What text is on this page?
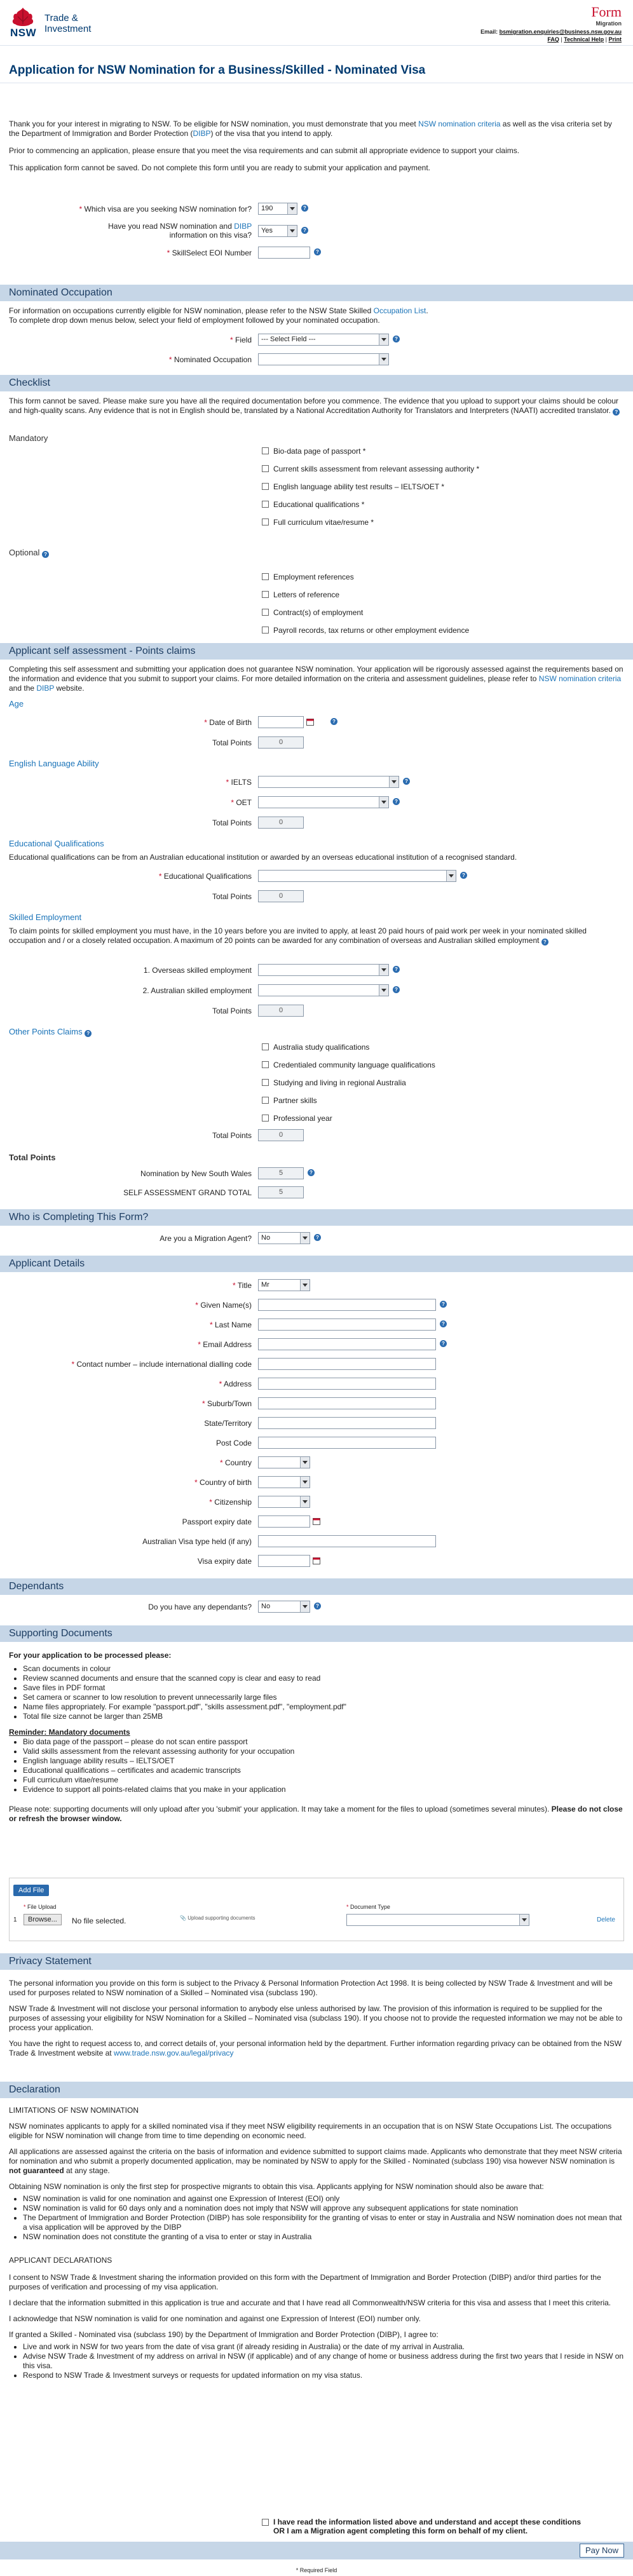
NSW
Trade &
Investment
Form
Migration
Email: bsmigration.enquiries@business.nsw.gov.au
FAQ | Technical Help | Print
Application for NSW Nomination for a Business/Skilled - Nominated Visa

Thank you for your interest in migrating to NSW. To be eligible for NSW nomination, you must demonstrate that you meet NSW nomination criteria as well as the visa criteria set by the Department of Immigration and Border Protection (DIBP) of the visa that you intend to apply.

Prior to commencing an application, please ensure that you meet the visa requirements and can submit all appropriate evidence to support your claims.

This application form cannot be saved. Do not complete this form until you are ready to submit your application and payment.

* Which visa are you seeking NSW nomination for?	190	?
Have you read NSW nomination and DIBP information on this visa?	Yes	?
* SkillSelect EOI Number	?
Nominated Occupation

For information on occupations currently eligible for NSW nomination, please refer to the NSW State Skilled Occupation List.

To complete drop down menus below, select your field of employment followed by your nominated occupation.

* Field	--- Select Field ---	?
* Nominated Occupation
Checklist

This form cannot be saved. Please make sure you have all the required documentation before you commence. The evidence that you upload to support your claims should be colour and high-quality scans. Any evidence that is not in English should be, translated by a National Accreditation Authority for Translators and Interpreters (NAATI) accredited translator. ?

Mandatory
Bio-data page of passport *
Current skills assessment from relevant assessing authority *
English language ability test results – IELTS/OET *
Educational qualifications *
Full curriculum vitae/resume *
Optional ?
Employment references
Letters of reference
Contract(s) of employment
Payroll records, tax returns or other employment evidence
Applicant self assessment - Points claims

Completing this self assessment and submitting your application does not guarantee NSW nomination. Your application will be rigorously assessed against the requirements based on the information and evidence that you submit to support your claims. For more detailed information on the criteria and assessment guidelines, please refer to NSW nomination criteria and the DIBP website.

Age
* Date of Birth	?
Total Points	0
English Language Ability
* IELTS	?
* OET	?
Total Points	0
Educational Qualifications
Educational qualifications can be from an Australian educational institution or awarded by an overseas educational institution of a recognised standard.
* Educational Qualifications	?
Total Points	0
Skilled Employment

To claim points for skilled employment you must have, in the 10 years before you are invited to apply, at least 20 paid hours of paid work per week in your nominated skilled occupation and / or a closely related occupation. A maximum of 20 points can be awarded for any combination of overseas and Australian skilled employment ?

1. Overseas skilled employment	?
2. Australian skilled employment	?
Total Points	0
Other Points Claims ?
Australia study qualifications
Credentialed community language qualifications
Studying and living in regional Australia
Partner skills
Professional year
Total Points	0
Total Points
Nomination by New South Wales	5	?
SELF ASSESSMENT GRAND TOTAL	5
Who is Completing This Form?
Are you a Migration Agent?	No	?
Applicant Details
* Title	Mr
* Given Name(s)	?
* Last Name	?
* Email Address	?
* Contact number – include international dialling code
* Address
* Suburb/Town
State/Territory
Post Code
* Country
* Country of birth
* Citizenship
Passport expiry date
Australian Visa type held (if any)
Visa expiry date
Dependants
Do you have any dependants?	No	?
Supporting Documents

For your application to be processed please:

• Scan documents in colour
• Review scanned documents and ensure that the scanned copy is clear and easy to read
• Save files in PDF format
• Set camera or scanner to low resolution to prevent unnecessarily large files
• Name files appropriately. For example "passport.pdf", "skills assessment.pdf", "employment.pdf"
• Total file size cannot be larger than 25MB

Reminder: Mandatory documents

• Bio data page of the passport – please do not scan entire passport
• Valid skills assessment from the relevant assessing authority for your occupation
• English language ability results – IELTS/OET
• Educational qualifications – certificates and academic transcripts
• Full curriculum vitae/resume
• Evidence to support all points-related claims that you make in your application

Please note: supporting documents will only upload after you 'submit' your application. It may take a moment for the files to upload (sometimes several minutes). Please do not close or refresh the browser window.

Add File
* File Upload
1	Browse...	No file selected.	📎 Upload supporting documents
* Document Type
Delete
Privacy Statement

The personal information you provide on this form is subject to the Privacy & Personal Information Protection Act 1998. It is being collected by NSW Trade & Investment and will be used for purposes related to NSW nomination of a Skilled – Nominated visa (subclass 190).

NSW Trade & Investment will not disclose your personal information to anybody else unless authorised by law. The provision of this information is required to be supplied for the purposes of assessing your eligibility for NSW Nomination for a Skilled – Nominated visa (subclass 190). If you choose not to provide the requested information we may not be able to process your application.

You have the right to request access to, and correct details of, your personal information held by the department. Further information regarding privacy can be obtained from the NSW Trade & Investment website at www.trade.nsw.gov.au/legal/privacy

Declaration

LIMITATIONS OF NSW NOMINATION

NSW nominates applicants to apply for a skilled nominated visa if they meet NSW eligibility requirements in an occupation that is on NSW State Occupations List. The occupations eligible for NSW nomination will change from time to time depending on economic need.

All applications are assessed against the criteria on the basis of information and evidence submitted to support claims made. Applicants who demonstrate that they meet NSW criteria for nomination and who submit a properly documented application, may be nominated by NSW to apply for the Skilled - Nominated (subclass 190) visa however NSW nomination is not guaranteed at any stage.

Obtaining NSW nomination is only the first step for prospective migrants to obtain this visa. Applicants applying for NSW nomination should also be aware that:

• NSW nomination is valid for one nomination and against one Expression of Interest (EOI) only
• NSW nomination is valid for 60 days only and a nomination does not imply that NSW will approve any subsequent applications for state nomination
• The Department of Immigration and Border Protection (DIBP) has sole responsibility for the granting of visas to enter or stay in Australia and NSW nomination does not mean that a visa application will be approved by the DIBP
• NSW nomination does not constitute the granting of a visa to enter or stay in Australia

APPLICANT DECLARATIONS

I consent to NSW Trade & Investment sharing the information provided on this form with the Department of Immigration and Border Protection (DIBP) and/or third parties for the purposes of verification and processing of my visa application.

I declare that the information submitted in this application is true and accurate and that I have read all Commonwealth/NSW criteria for this visa and assess that I meet this criteria.

I acknowledge that NSW nomination is valid for one nomination and against one Expression of Interest (EOI) number only.

If granted a Skilled - Nominated visa (subclass 190) by the Department of Immigration and Border Protection (DIBP), I agree to:

• Live and work in NSW for two years from the date of visa grant (if already residing in Australia) or the date of my arrival in Australia.
• Advise NSW Trade & Investment of my address on arrival in NSW (if applicable) and of any change of home or business address during the first two years that I reside in NSW on this visa.
• Respond to NSW Trade & Investment surveys or requests for updated information on my visa status.
I have read the information listed above and understand and accept these conditions
OR I am a Migration agent completing this form on behalf of my client.
Pay Now
* Required Field
